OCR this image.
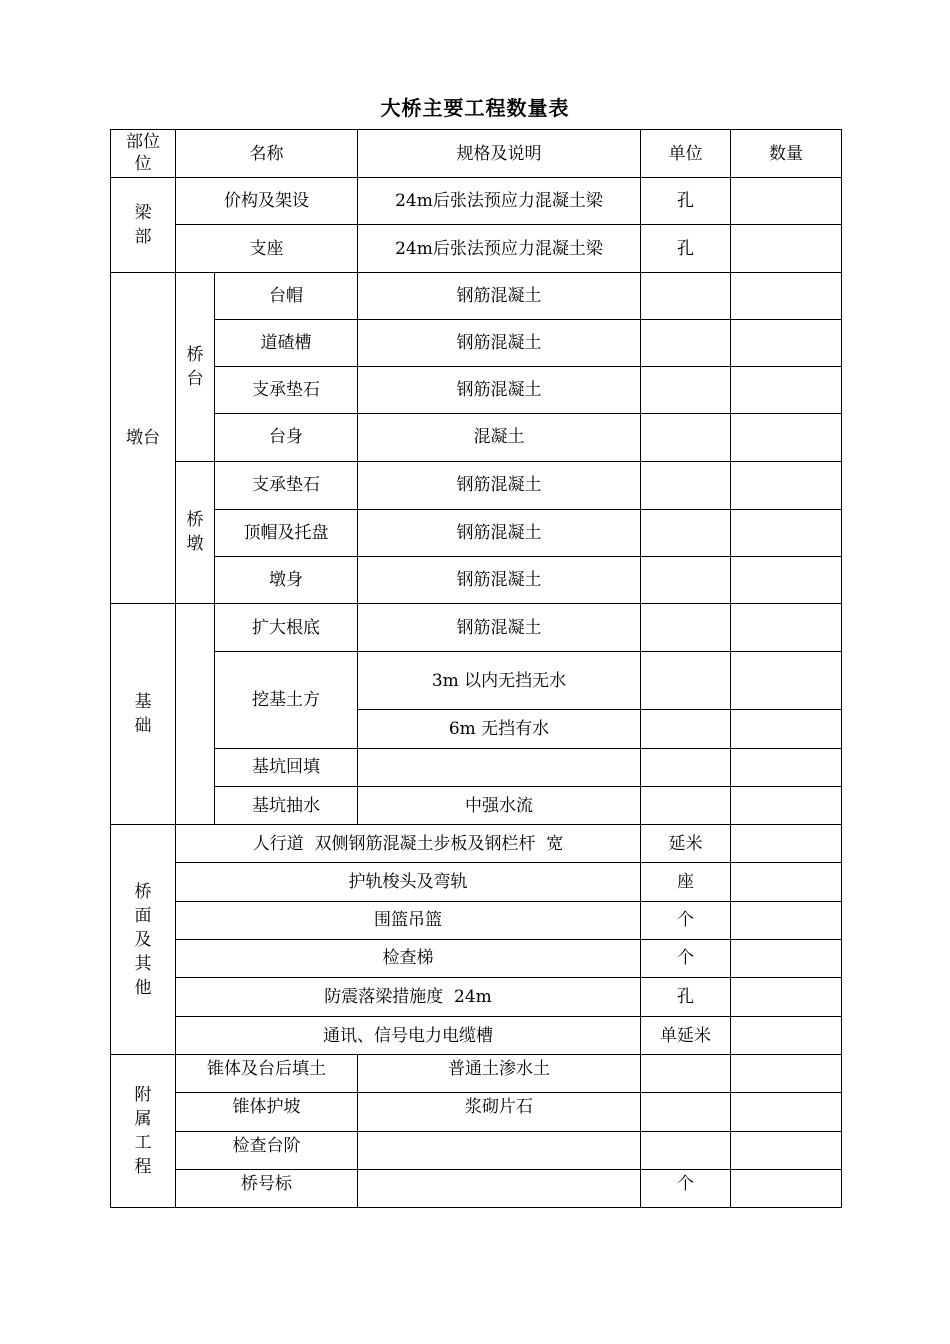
大桥主要工程数量表
部位位	名称		规格及说明	单位	数量
梁部	价构及架设		24m后张法预应力混凝土梁	孔	
	支座		24m后张法预应力混凝土梁	孔	
墩台	桥台	台帽	钢筋混凝土		
		道碴槽	钢筋混凝土		
		支承垫石	钢筋混凝土		
		台身	混凝土		
	桥墩	支承垫石	钢筋混凝土		
		顶帽及托盘	钢筋混凝土		
		墩身	钢筋混凝土		
基础		扩大根底	钢筋混凝土		
		挖基土方	3m 以内无挡无水		
			6m 无挡有水		
		基坑回填			
		基坑抽水	中强水流		
桥面及其他	人行道  双侧钢筋混凝土步板及钢栏杆  宽			延米	
	护轨梭头及弯轨			座	
	围篮吊篮			个	
	检查梯			个	
	防震落梁措施度  24m			孔	
	通讯、信号电力电缆槽			单延米	
附属工程	锥体及台后填土		普通土渗水土		
	锥体护坡		浆砌片石		
	检查台阶				
	桥号标			个	
